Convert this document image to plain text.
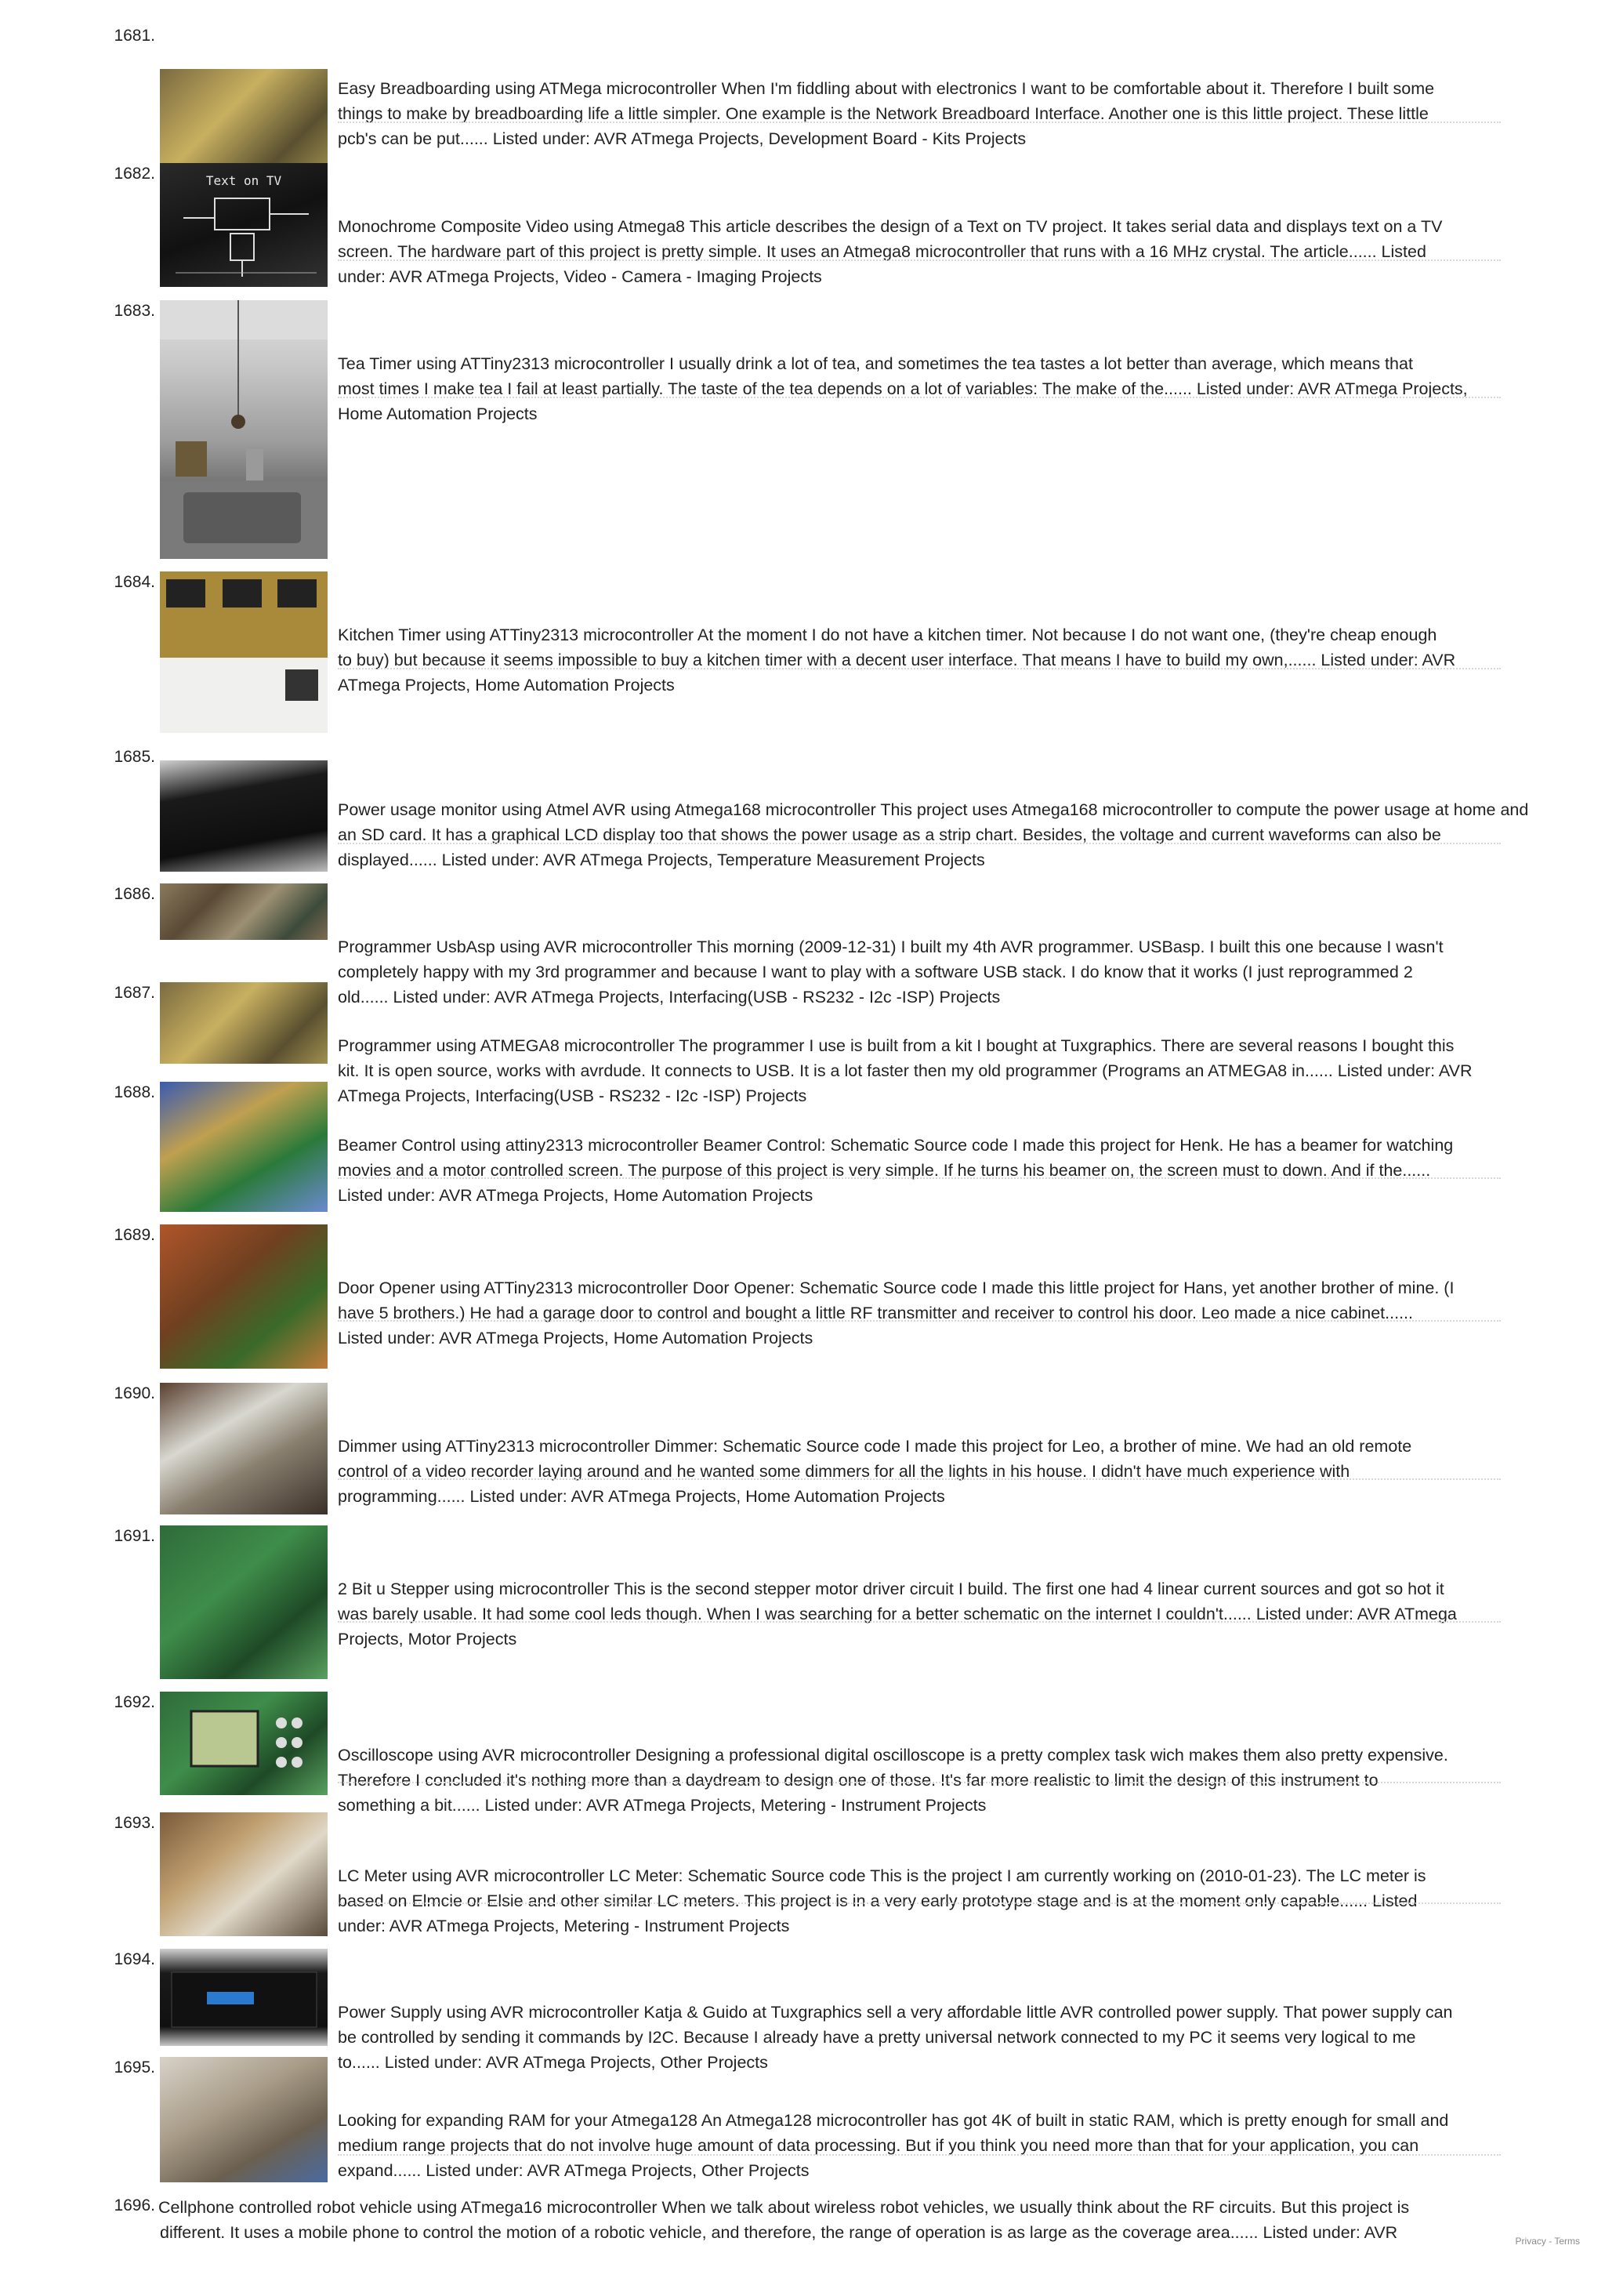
1681.

Easy Breadboarding using ATMega microcontroller When I'm fiddling about with electronics I want to be comfortable about it. Therefore I built some
things to make by breadboarding life a little simpler. One example is the Network Breadboard Interface. Another one is this little project. These little
pcb's can be put...... Listed under: AVR ATmega Projects, Development Board - Kits Projects

1682.	Text on TV

Monochrome Composite Video using Atmega8 This article describes the design of a Text on TV project. It takes serial data and displays text on a TV
screen. The hardware part of this project is pretty simple. It uses an Atmega8 microcontroller that runs with a 16 MHz crystal. The article...... Listed
under: AVR ATmega Projects, Video - Camera - Imaging Projects

1683.

Tea Timer using ATTiny2313 microcontroller I usually drink a lot of tea, and sometimes the tea tastes a lot better than average, which means that
most times I make tea I fail at least partially. The taste of the tea depends on a lot of variables: The make of the...... Listed under: AVR ATmega Projects,
Home Automation Projects

1684.

Kitchen Timer using ATTiny2313 microcontroller At the moment I do not have a kitchen timer. Not because I do not want one, (they're cheap enough
to buy) but because it seems impossible to buy a kitchen timer with a decent user interface. That means I have to build my own,...... Listed under: AVR
ATmega Projects, Home Automation Projects

1685.

Power usage monitor using Atmel AVR using Atmega168 microcontroller This project uses Atmega168 microcontroller to compute the power usage at home and
an SD card. It has a graphical LCD display too that shows the power usage as a strip chart. Besides, the voltage and current waveforms can also be
displayed...... Listed under: AVR ATmega Projects, Temperature Measurement Projects

1686.

Programmer UsbAsp using AVR microcontroller This morning (2009-12-31) I built my 4th AVR programmer. USBasp. I built this one because I wasn't
completely happy with my 3rd programmer and because I want to play with a software USB stack. I do know that it works (I just reprogrammed 2
old...... Listed under: AVR ATmega Projects, Interfacing(USB - RS232 - I2c -ISP) Projects

1687.

Programmer using ATMEGA8 microcontroller The programmer I use is built from a kit I bought at Tuxgraphics. There are several reasons I bought this
kit. It is open source, works with avrdude. It connects to USB. It is a lot faster then my old programmer (Programs an ATMEGA8 in...... Listed under: AVR
ATmega Projects, Interfacing(USB - RS232 - I2c -ISP) Projects

1688.

Beamer Control using attiny2313 microcontroller Beamer Control: Schematic Source code I made this project for Henk. He has a beamer for watching
movies and a motor controlled screen. The purpose of this project is very simple. If he turns his beamer on, the screen must to down. And if the......
Listed under: AVR ATmega Projects, Home Automation Projects

1689.

Door Opener using ATTiny2313 microcontroller Door Opener: Schematic Source code I made this little project for Hans, yet another brother of mine. (I
have 5 brothers.) He had a garage door to control and bought a little RF transmitter and receiver to control his door. Leo made a nice cabinet......
Listed under: AVR ATmega Projects, Home Automation Projects

1690.

Dimmer using ATTiny2313 microcontroller Dimmer: Schematic Source code I made this project for Leo, a brother of mine. We had an old remote
control of a video recorder laying around and he wanted some dimmers for all the lights in his house. I didn't have much experience with
programming...... Listed under: AVR ATmega Projects, Home Automation Projects

1691.

2 Bit u Stepper using microcontroller This is the second stepper motor driver circuit I build. The first one had 4 linear current sources and got so hot it
was barely usable. It had some cool leds though. When I was searching for a better schematic on the internet I couldn't...... Listed under: AVR ATmega
Projects, Motor Projects

1692.

Oscilloscope using AVR microcontroller Designing a professional digital oscilloscope is a pretty complex task wich makes them also pretty expensive.
Therefore I concluded it's nothing more than a daydream to design one of those. It's far more realistic to limit the design of this instrument to
something a bit...... Listed under: AVR ATmega Projects, Metering - Instrument Projects

1693.

LC Meter using AVR microcontroller LC Meter: Schematic Source code This is the project I am currently working on (2010-01-23). The LC meter is
based on Elmcie or Elsie and other similar LC meters. This project is in a very early prototype stage and is at the moment only capable...... Listed
under: AVR ATmega Projects, Metering - Instrument Projects

1694.

Power Supply using AVR microcontroller Katja & Guido at Tuxgraphics sell a very affordable little AVR controlled power supply. That power supply can
be controlled by sending it commands by I2C. Because I already have a pretty universal network connected to my PC it seems very logical to me
to...... Listed under: AVR ATmega Projects, Other Projects

1695.

Looking for expanding RAM for your Atmega128 An Atmega128 microcontroller has got 4K of built in static RAM, which is pretty enough for small and
medium range projects that do not involve huge amount of data processing. But if you think you need more than that for your application, you can
expand...... Listed under: AVR ATmega Projects, Other Projects

1696.

Cellphone controlled robot vehicle using ATmega16 microcontroller When we talk about wireless robot vehicles, we usually think about the RF circuits. But this project is

different. It uses a mobile phone to control the motion of a robotic vehicle, and therefore, the range of operation is as large as the coverage area...... Listed under: AVR

	Privacy - Terms
